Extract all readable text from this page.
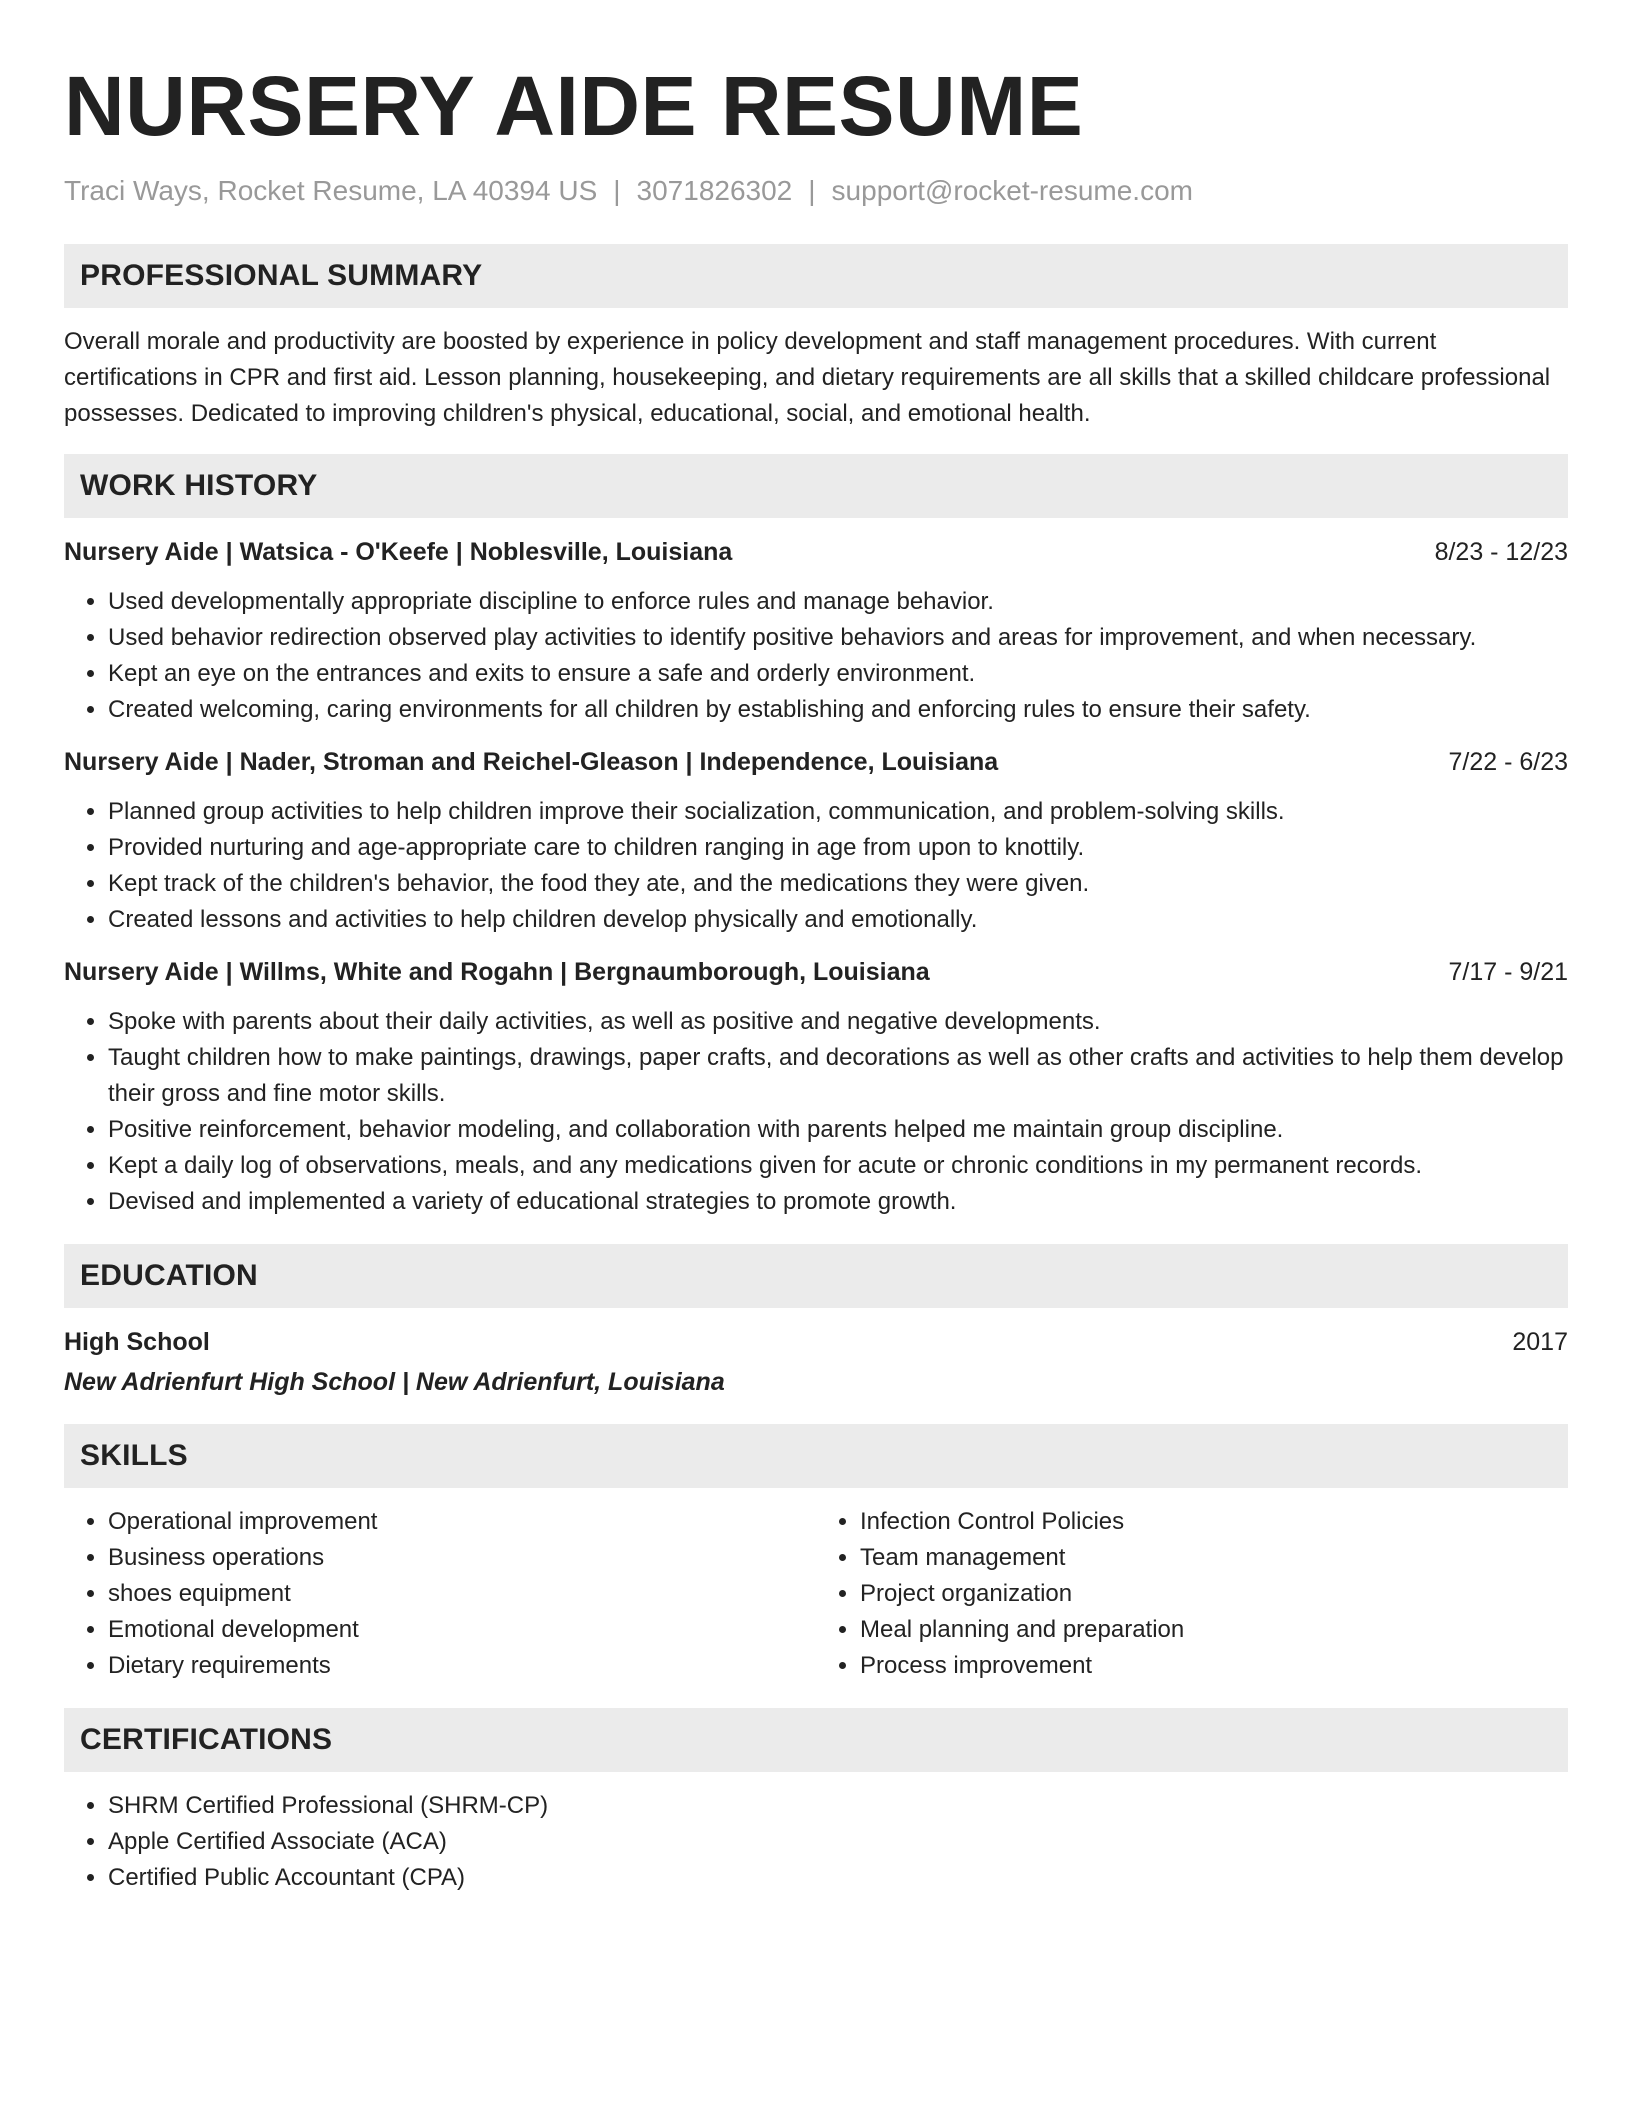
NURSERY AIDE RESUME
Traci Ways, Rocket Resume, LA 40394 US | 3071826302 | support@rocket-resume.com
PROFESSIONAL SUMMARY
Overall morale and productivity are boosted by experience in policy development and staff management procedures. With current certifications in CPR and first aid. Lesson planning, housekeeping, and dietary requirements are all skills that a skilled childcare professional possesses. Dedicated to improving children's physical, educational, social, and emotional health.
WORK HISTORY
Nursery Aide | Watsica - O'Keefe | Noblesville, Louisiana	8/23 - 12/23
• Used developmentally appropriate discipline to enforce rules and manage behavior.
• Used behavior redirection observed play activities to identify positive behaviors and areas for improvement, and when necessary.
• Kept an eye on the entrances and exits to ensure a safe and orderly environment.
• Created welcoming, caring environments for all children by establishing and enforcing rules to ensure their safety.
Nursery Aide | Nader, Stroman and Reichel-Gleason | Independence, Louisiana	7/22 - 6/23
• Planned group activities to help children improve their socialization, communication, and problem-solving skills.
• Provided nurturing and age-appropriate care to children ranging in age from upon to knottily.
• Kept track of the children's behavior, the food they ate, and the medications they were given.
• Created lessons and activities to help children develop physically and emotionally.
Nursery Aide | Willms, White and Rogahn | Bergnaumborough, Louisiana	7/17 - 9/21
• Spoke with parents about their daily activities, as well as positive and negative developments.
• Taught children how to make paintings, drawings, paper crafts, and decorations as well as other crafts and activities to help them develop their gross and fine motor skills.
• Positive reinforcement, behavior modeling, and collaboration with parents helped me maintain group discipline.
• Kept a daily log of observations, meals, and any medications given for acute or chronic conditions in my permanent records.
• Devised and implemented a variety of educational strategies to promote growth.
EDUCATION
High School	2017
New Adrienfurt High School | New Adrienfurt, Louisiana
SKILLS
• Operational improvement
• Business operations
• shoes equipment
• Emotional development
• Dietary requirements
• Infection Control Policies
• Team management
• Project organization
• Meal planning and preparation
• Process improvement
CERTIFICATIONS
• SHRM Certified Professional (SHRM-CP)
• Apple Certified Associate (ACA)
• Certified Public Accountant (CPA)
